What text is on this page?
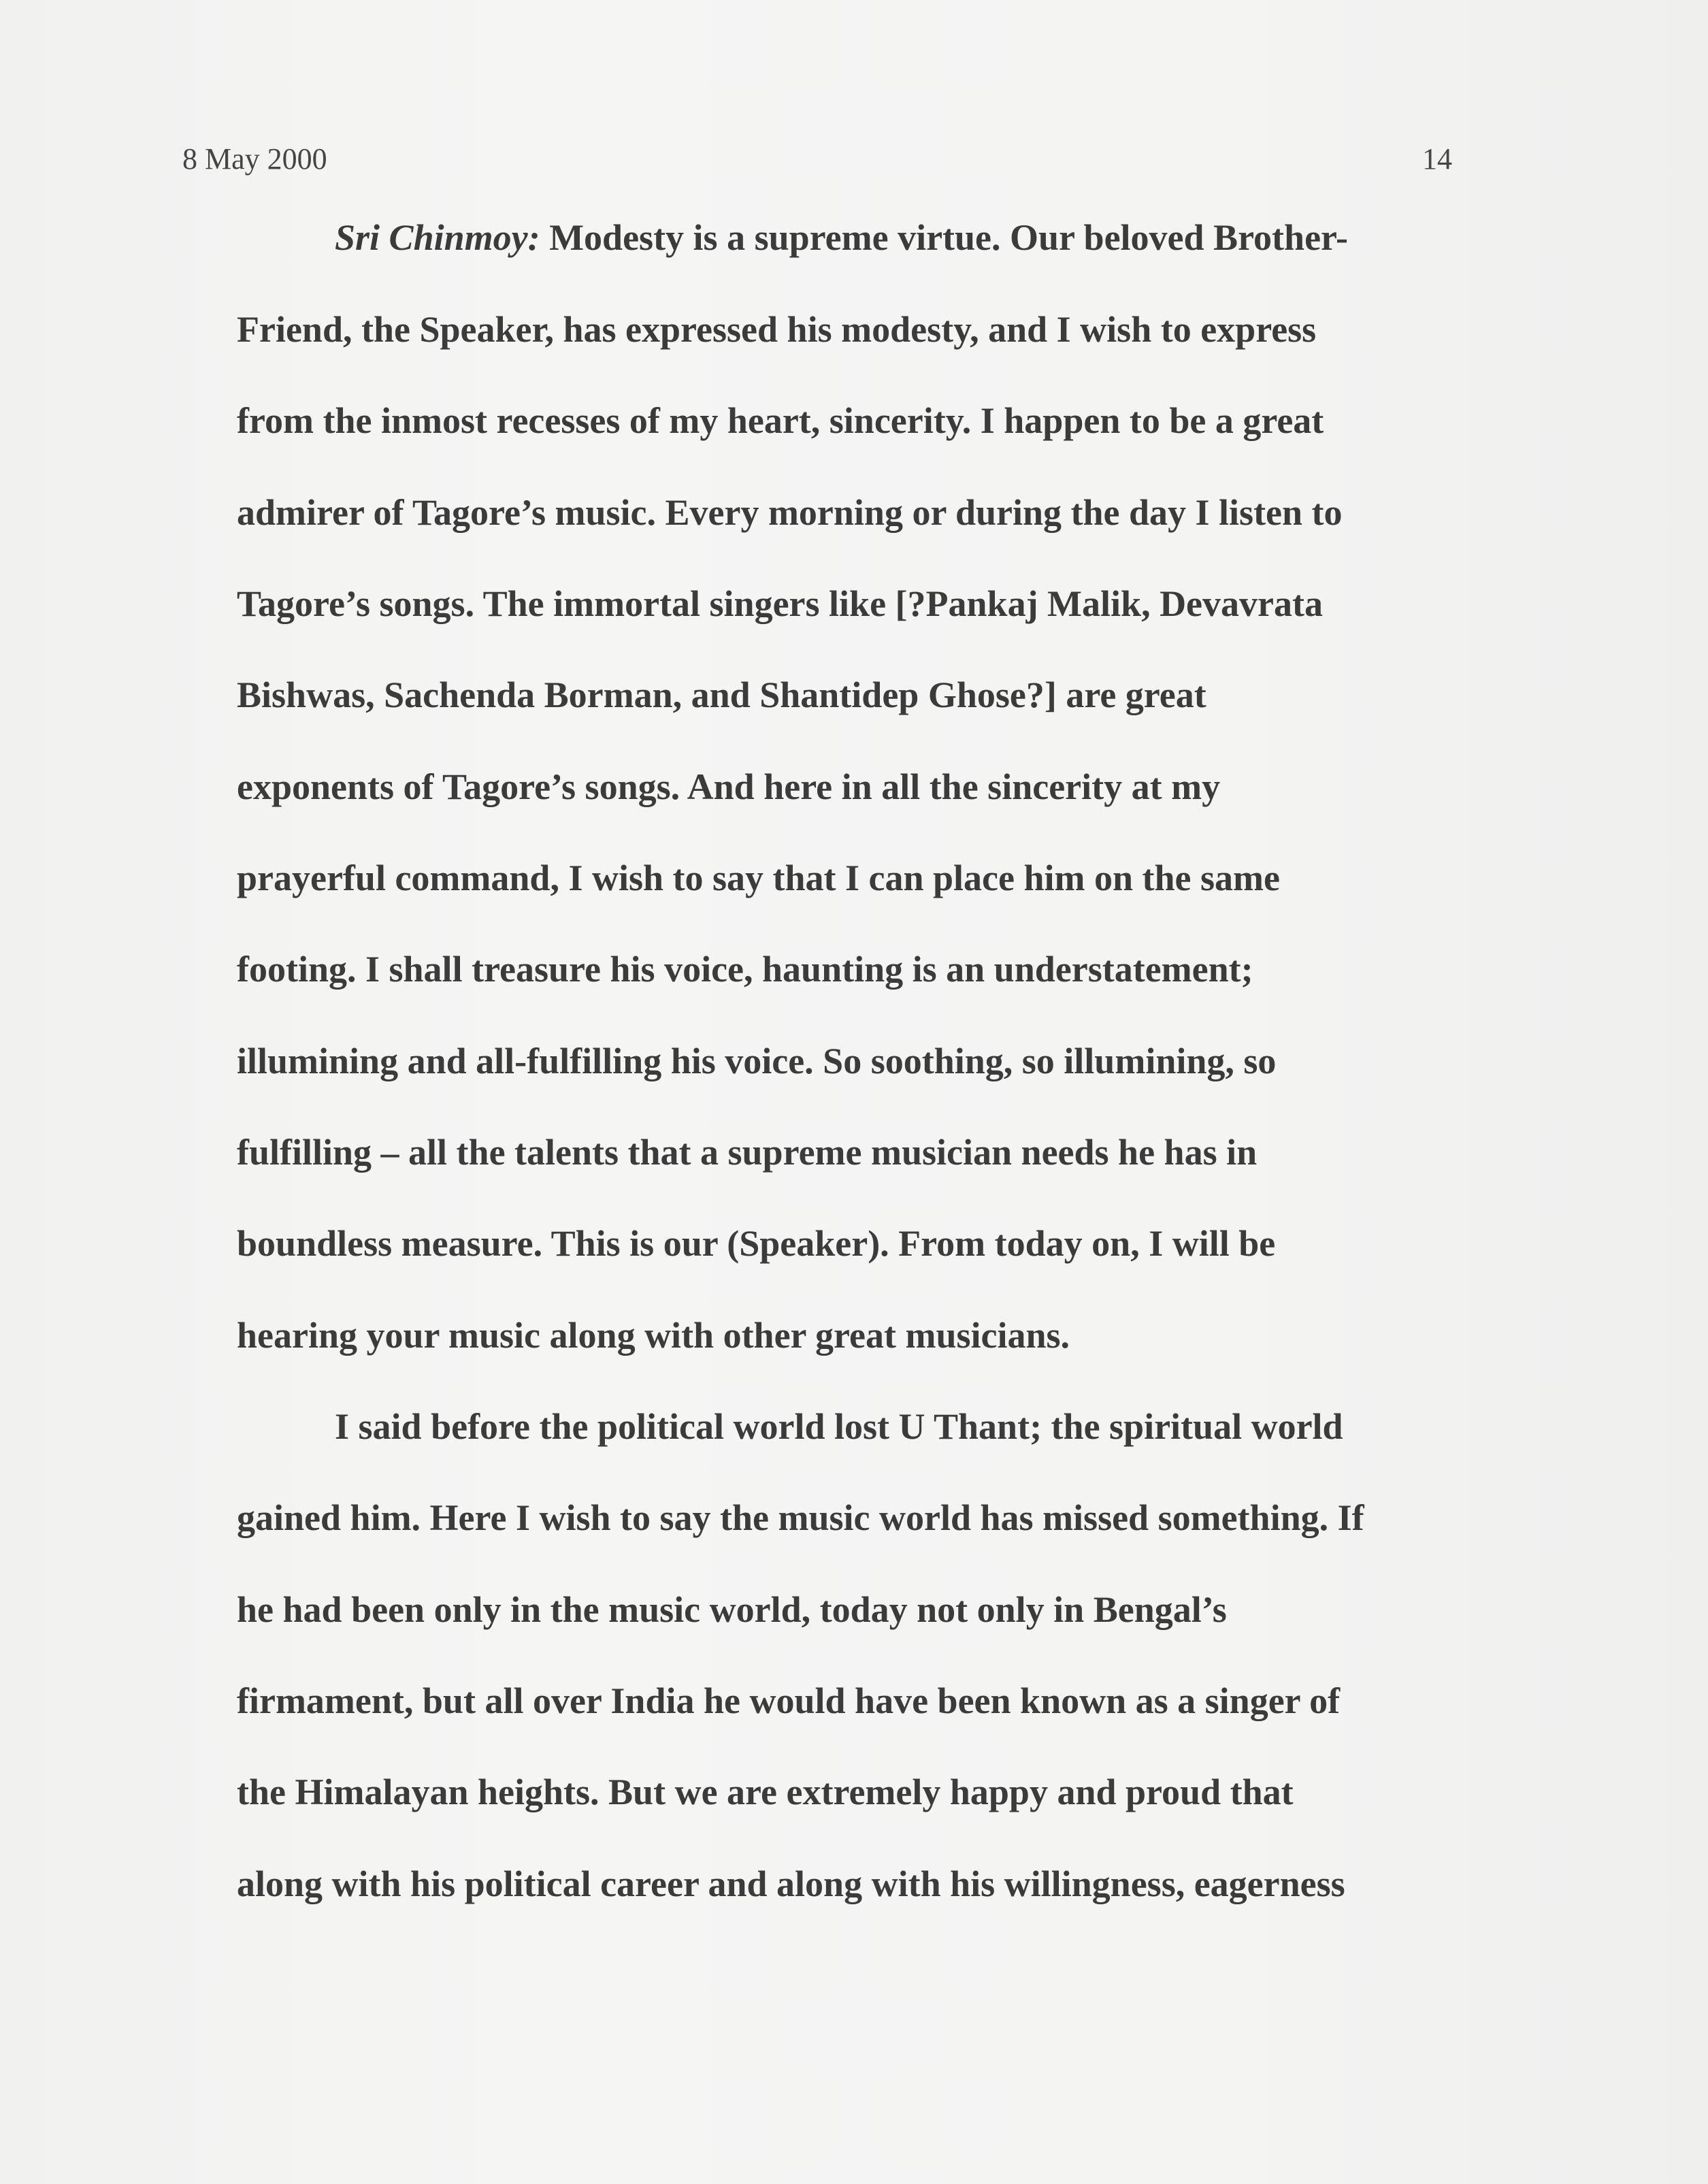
8 May 2000	14
Sri Chinmoy: Modesty is a supreme virtue. Our beloved Brother-
Friend, the Speaker, has expressed his modesty, and I wish to express
from the inmost recesses of my heart, sincerity. I happen to be a great
admirer of Tagore’s music. Every morning or during the day I listen to
Tagore’s songs. The immortal singers like [?Pankaj Malik, Devavrata
Bishwas, Sachenda Borman, and Shantidep Ghose?] are great
exponents of Tagore’s songs. And here in all the sincerity at my
prayerful command, I wish to say that I can place him on the same
footing. I shall treasure his voice, haunting is an understatement;
illumining and all-fulfilling his voice. So soothing, so illumining, so
fulfilling – all the talents that a supreme musician needs he has in
boundless measure. This is our (Speaker). From today on, I will be
hearing your music along with other great musicians.
I said before the political world lost U Thant; the spiritual world
gained him. Here I wish to say the music world has missed something. If
he had been only in the music world, today not only in Bengal’s
firmament, but all over India he would have been known as a singer of
the Himalayan heights. But we are extremely happy and proud that
along with his political career and along with his willingness, eagerness
